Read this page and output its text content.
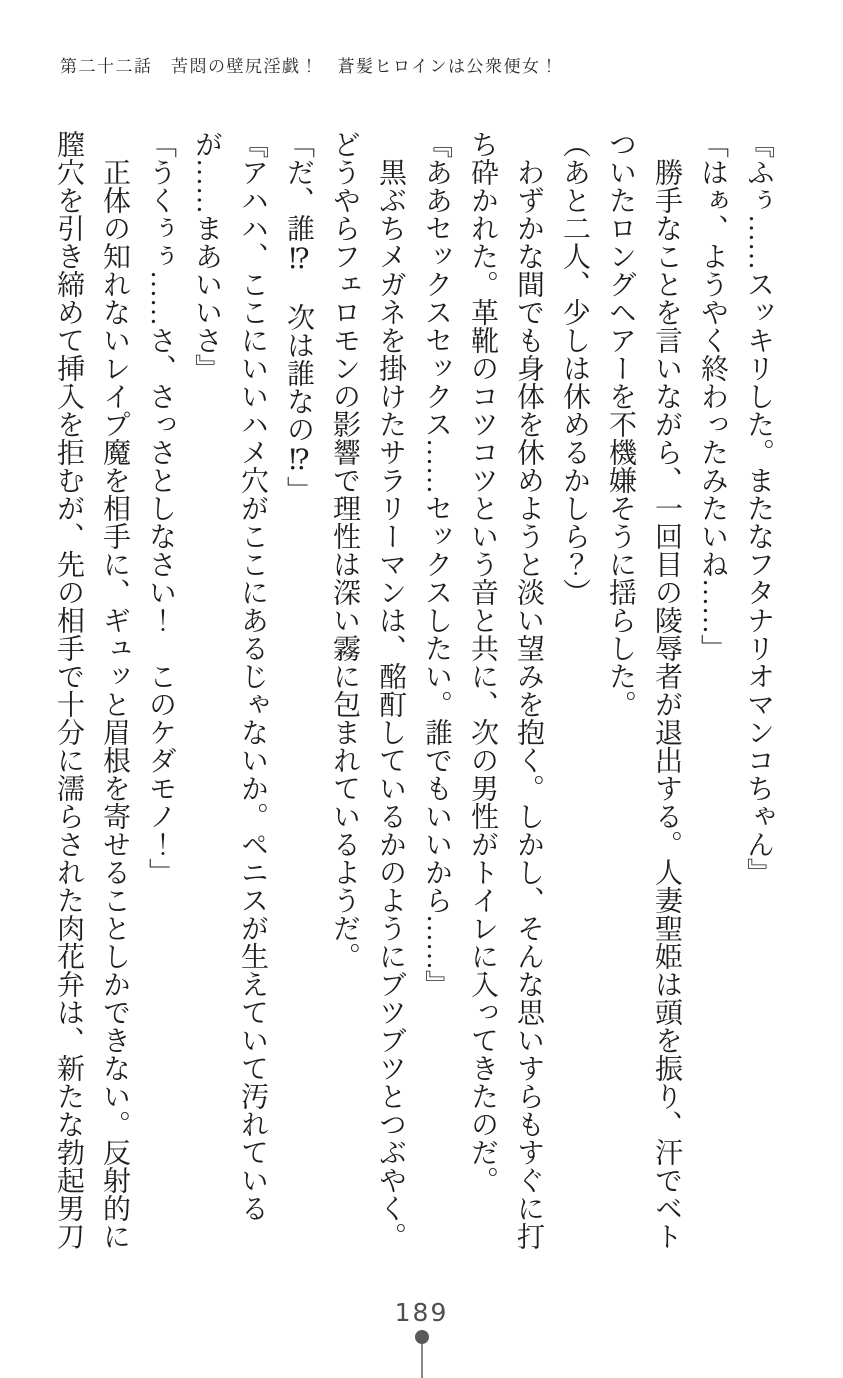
第二十二話　苦悶の壁尻淫戯！　蒼髪ヒロインは公衆便女！

『ふぅ……スッキリした。またなフタナリオマンコちゃん』

「はぁ、ようやく終わったみたいね……」

勝手なことを言いながら、一回目の陵辱者が退出する。人妻聖姫は頭を振り、汗でベトついたロングヘアーを不機嫌そうに揺らした。

（あと二人、少しは休めるかしら？）

わずかな間でも身体を休めようと淡い望みを抱く。しかし、そんな思いすらもすぐに打ち砕かれた。革靴のコツコツという音と共に、次の男性がトイレに入ってきたのだ。

『ああセックスセックス……セックスしたい。誰でもいいから……』

黒ぶちメガネを掛けたサラリーマンは、酩酊しているかのようにブツブツとつぶやく。どうやらフェロモンの影響で理性は深い霧に包まれているようだ。

「だ、誰⁉　次は誰なの⁉」

『アハハ、ここにいいハメ穴がここにあるじゃないか。ペニスが生えていて汚れているが……まあいいさ』

「うくぅぅ……さ、さっさとしなさい！　このケダモノ！」

正体の知れないレイプ魔を相手に、ギュッと眉根を寄せることしかできない。反射的に膣穴を引き締めて挿入を拒むが、先の相手で十分に濡らされた肉花弁は、新たな勃起男刀

189
